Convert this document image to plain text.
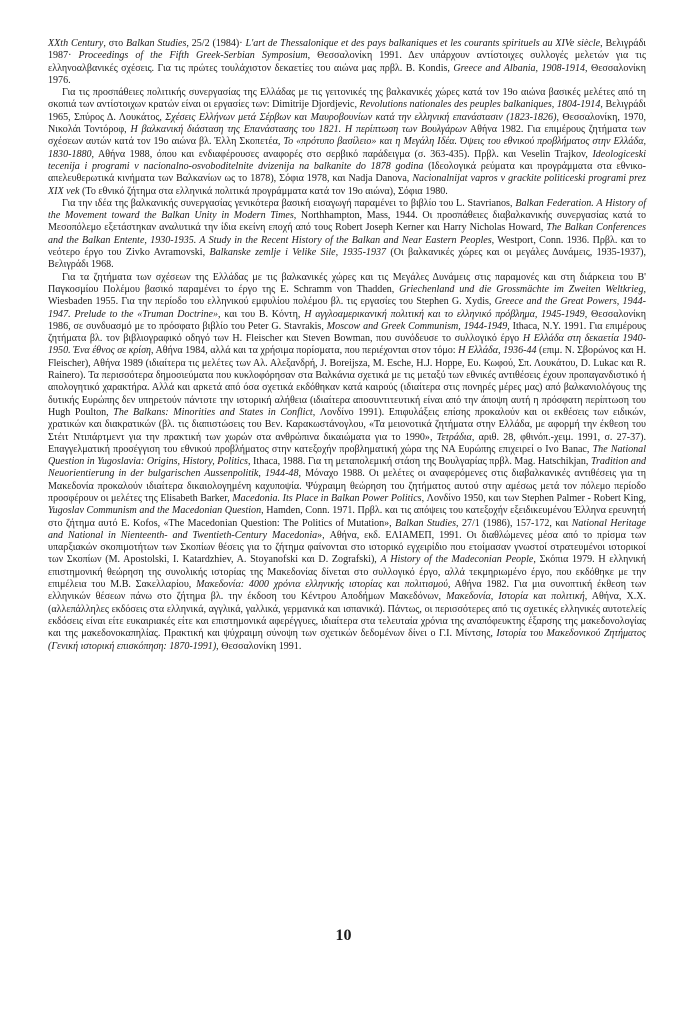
XXth Century, στο Balkan Studies, 25/2 (1984)· L'art de Thessalonique et des pays balkaniques et les courants spirituels au XIVe siècle, Βελιγράδι 1987· Proceedings of the Fifth Greek-Serbian Symposium, Θεσσαλονίκη 1991. Δεν υπάρχουν αντίστοιχες συλλογές μελετών για τις ελληνοαλβανικές σχέσεις. Για τις πρώτες τουλάχιστον δεκαετίες του αιώνα μας πρβλ. Β. Kondis, Greece and Albania, 1908-1914, Θεσσαλονίκη 1976.

Για τις προσπάθειες πολιτικής συνεργασίας της Ελλάδας με τις γειτονικές της βαλκανικές χώρες κατά τον 19ο αιώνα βασικές μελέτες από τη σκοπιά των αντίστοιχων κρατών είναι οι εργασίες των: Dimitrije Djordjevic, Revolutions nationales des peuples balkaniques, 1804-1914, Βελιγράδι 1965, Σπύρος Δ. Λουκάτος, Σχέσεις Ελλήνων μετά Σέρβων και Μαυροβουνίων κατά την ελληνική επανάστασιν (1823-1826), Θεσσαλονίκη, 1970, Νικολάι Τοντόροφ, Η βαλκανική διάσταση της Επανάστασης του 1821. Η περίπτωση των Βουλγάρων Αθήνα 1982. Για επιμέρους ζητήματα των σχέσεων αυτών κατά τον 19ο αιώνα βλ. Έλλη Σκοπετέα, Το «πρότυπο βασίλειο» και η Μεγάλη Ιδέα. Όψεις του εθνικού προβλήματος στην Ελλάδα, 1830-1880, Αθήνα 1988, όπου και ενδιαφέρουσες αναφορές στο σερβικό παράδειγμα (σ. 363-435). Πρβλ. και Veselin Trajkov, Ideologiceski tecenija i programi v nacionalno-osvoboditelnite dvizenija na balkanite do 1878 godina (Ιδεολογικά ρεύματα και προγράμματα στα εθνικο-απελευθερωτικά κινήματα των Βαλκανίων ως το 1878), Σόφια 1978, και Nadja Danova, Nacionalnijat vapros v grackite politiceski programi prez XIX vek (Το εθνικό ζήτημα στα ελληνικά πολιτικά προγράμματα κατά τον 19ο αιώνα), Σόφια 1980.

Για την ιδέα της βαλκανικής συνεργασίας γενικότερα βασική εισαγωγή παραμένει το βιβλίο του L. Stavrianos, Balkan Federation. A History of the Movement toward the Balkan Unity in Modern Times, Northhampton, Mass, 1944. Οι προσπάθειες διαβαλκανικής συνεργασίας κατά το Μεσοπόλεμο εξετάστηκαν αναλυτικά την ίδια εκείνη εποχή από τους Robert Joseph Kerner και Harry Nicholas Howard, The Balkan Conferences and the Balkan Entente, 1930-1935. A Study in the Recent History of the Balkan and Near Eastern Peoples, Westport, Conn. 1936. Πρβλ. και το νεότερο έργο του Zivko Avramovski, Balkanske zemlje i Velike Sile, 1935-1937 (Οι βαλκανικές χώρες και οι μεγάλες Δυνάμεις, 1935-1937), Βελιγράδι 1968.

Για τα ζητήματα των σχέσεων της Ελλάδας με τις βαλκανικές χώρες και τις Μεγάλες Δυνάμεις στις παραμονές και στη διάρκεια του Β' Παγκοσμίου Πολέμου βασικό παραμένει το έργο της E. Schramm von Thadden, Griechenland und die Grossmächte im Zweiten Weltkrieg, Wiesbaden 1955. Για την περίοδο του ελληνικού εμφυλίου πολέμου βλ. τις εργασίες του Stephen G. Xydis, Greece and the Great Powers, 1944-1947. Prelude to the «Truman Doctrine», και του Β. Κόντη, Η αγγλοαμερικανική πολιτική και το ελληνικό πρόβλημα, 1945-1949, Θεσσαλονίκη 1986, σε συνδυασμό με το πρόσφατο βιβλίο του Peter G. Stavrakis, Moscow and Greek Communism, 1944-1949, Ithaca, N.Y. 1991. Για επιμέρους ζητήματα βλ. τον βιβλιογραφικό οδηγό των H. Fleischer και Steven Bowman, που συνόδευσε το συλλογικό έργο Η Ελλάδα στη δεκαετία 1940-1950. Ένα έθνος σε κρίση, Αθήνα 1984, αλλά και τα χρήσιμα πορίσματα, που περιέχονται στον τόμο: Η Ελλάδα, 1936-44 (επιμ. Ν. Σβορώνος και H. Fleischer), Αθήνα 1989 (ιδιαίτερα τις μελέτες των Αλ. Αλεξανδρή, J. Boreijsza, M. Esche, H.J. Hoppe, Ευ. Κωφού, Σπ. Λουκάτου, D. Lukac και R. Rainero). Τα περισσότερα δημοσιεύματα που κυκλοφόρησαν στα Βαλκάνια σχετικά με τις μεταξύ των εθνικές αντιθέσεις έχουν προπαγανδιστικό ή απολογητικό χαρακτήρα. Αλλά και αρκετά από όσα σχετικά εκδόθηκαν κατά καιρούς (ιδιαίτερα στις πονηρές μέρες μας) από βαλκανιολόγους της δυτικής Ευρώπης δεν υπηρετούν πάντοτε την ιστορική αλήθεια (ιδιαίτερα αποσυντιτευτική είναι από την άποψη αυτή η πρόσφατη περίπτωση του Hugh Poulton, The Balkans: Minorities and States in Conflict, Λονδίνο 1991). Επιφυλάξεις επίσης προκαλούν και οι εκθέσεις των ειδικών, χρατικών και διακρατικών (βλ. τις διαπιστώσεις του Βεν. Καρακωστάνογλου, «Τα μειονοτικά ζητήματα στην Ελλάδα, με αφορμή την έκθεση του Στέιτ Ντιπάρτμεντ για την πρακτική των χωρών στα ανθρώπινα δικαιώματα για το 1990», Τετράδια, αριθ. 28, φθινόπ.-χειμ. 1991, σ. 27-37). Επαγγελματική προσέγγιση του εθνικού προβλήματος στην κατεξοχήν προβληματική χώρα της ΝΑ Ευρώπης επιχειρεί ο Ivo Banac, The National Question in Yugoslavia: Origins, History, Politics, Ithaca, 1988. Για τη μεταπολεμική στάση της Βουλγαρίας πρβλ. Mag. Hatschikjan, Tradition and Neuorientierung in der bulgarischen Aussenpolitik, 1944-48, Μόναχο 1988. Οι μελέτες οι αναφερόμενες στις διαβαλκανικές αντιθέσεις για τη Μακεδονία προκαλούν ιδιαίτερα δικαιολογημένη καχυποψία. Ψύχραιμη θεώρηση του ζητήματος αυτού στην αμέσως μετά τον πόλεμο περίοδο προσφέρουν οι μελέτες της Elisabeth Barker, Macedonia. Its Place in Balkan Power Politics, Λονδίνο 1950, και των Stephen Palmer - Robert King, Yugoslav Communism and the Macedonian Question, Hamden, Conn. 1971. Πρβλ. και τις απόψεις του κατεξοχήν εξειδικευμένου Έλληνα ερευνητή στο ζήτημα αυτό Ε. Kofos, «The Macedonian Question: The Politics of Mutation», Balkan Studies, 27/1 (1986), 157-172, και National Heritage and National in Nienteenth- and Twentieth-Century Macedonia», Αθήνα, εκδ. ΕΛΙΑΜΕΠ, 1991. Οι διαθλώμενες μέσα από το πρίσμα των υπαρξιακών σκοπιμοτήτων των Σκοπίων θέσεις για το ζήτημα φαίνονται στο ιστορικό εγχειρίδιο που ετοίμασαν γνωστοί στρατευμένοι ιστορικοί των Σκοπίων (M. Apostolski, I. Katardzhiev, A. Stoyanofski και D. Zografski), A History of the Madeconian People, Σκόπια 1979. Η ελληνική επιστημονική θεώρηση της συνολικής ιστορίας της Μακεδονίας δίνεται στο συλλογικό έργο, αλλά τεκμηριωμένο έργο, που εκδόθηκε με την επιμέλεια του Μ.Β. Σακελλαρίου, Μακεδονία: 4000 χρόνια ελληνικής ιστορίας και πολιτισμού, Αθήνα 1982. Για μια συνοπτική έκθεση των ελληνικών θέσεων πάνω στο ζήτημα βλ. την έκδοση του Κέντρου Αποδήμων Μακεδόνων, Μακεδονία, Ιστορία και πολιτική, Αθήνα, Χ.Χ. (αλλεπάλληλες εκδόσεις στα ελληνικά, αγγλικά, γαλλικά, γερμανικά και ισπανικά). Πάντως, οι περισσότερες από τις σχετικές ελληνικές αυτοτελείς εκδόσεις είναι είτε ευκαιριακές είτε και επιστημονικά αφερέγγυες, ιδιαίτερα στα τελευταία χρόνια της αναπόφευκτης έξαρσης της μακεδονολογίας και της μακεδονοκαπηλίας. Πρακτική και ψύχραιμη σύνοψη των σχετικών δεδομένων δίνει ο Γ.Ι. Μίντσης, Ιστορία του Μακεδονικού Ζητήματος (Γενική ιστορική επισκόπηση: 1870-1991), Θεσσαλονίκη 1991.

10
